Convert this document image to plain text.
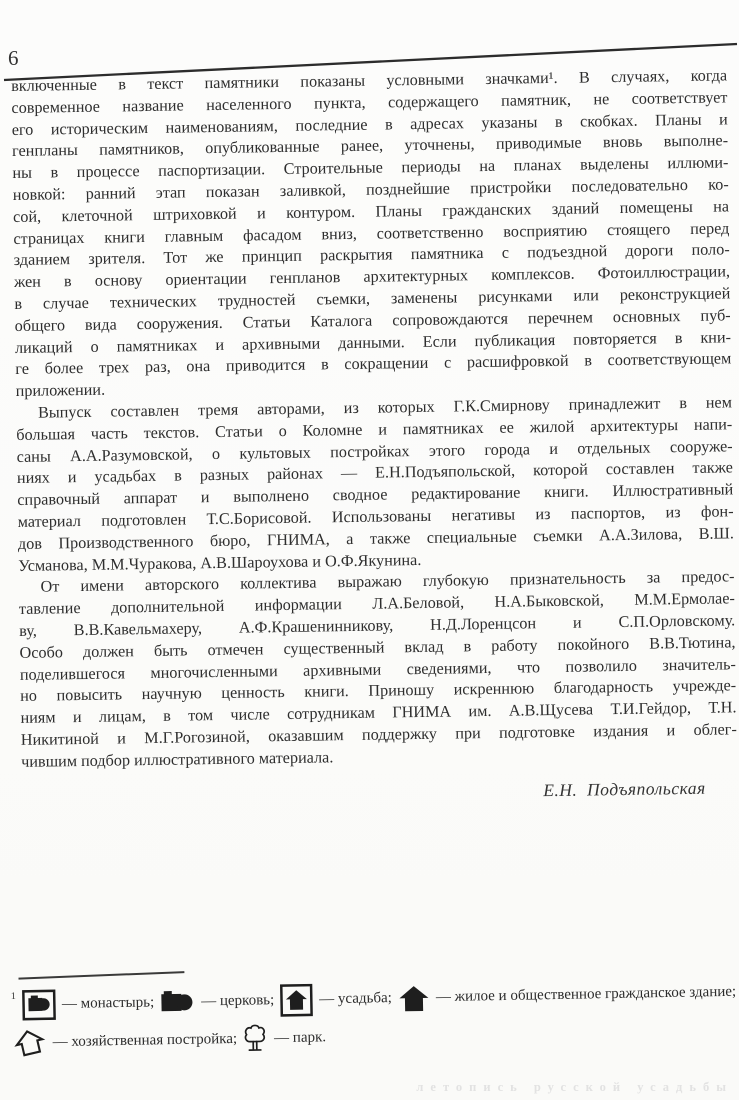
6
включенные в текст памятники показаны условными значками¹. В случаях, когда
современное название населенного пункта, содержащего памятник, не соответствует
его историческим наименованиям, последние в адресах указаны в скобках. Планы и
генпланы памятников, опубликованные ранее, уточнены, приводимые вновь выполне-
ны в процессе паспортизации. Строительные периоды на планах выделены иллюми-
новкой: ранний этап показан заливкой, позднейшие пристройки последовательно ко-
сой, клеточной штриховкой и контуром. Планы гражданских зданий помещены на
страницах книги главным фасадом вниз, соответственно восприятию стоящего перед
зданием зрителя. Тот же принцип раскрытия памятника с подъездной дороги поло-
жен в основу ориентации генпланов архитектурных комплексов. Фотоиллюстрации,
в случае технических трудностей съемки, заменены рисунками или реконструкцией
общего вида сооружения. Статьи Каталога сопровождаются перечнем основных пуб-
ликаций о памятниках и архивными данными. Если публикация повторяется в кни-
ге более трех раз, она приводится в сокращении с расшифровкой в соответствующем
приложении.
Выпуск составлен тремя авторами, из которых Г.К.Смирнову принадлежит в нем
большая часть текстов. Статьи о Коломне и памятниках ее жилой архитектуры напи-
саны А.А.Разумовской, о культовых постройках этого города и отдельных сооруже-
ниях и усадьбах в разных районах — Е.Н.Подъяпольской, которой составлен также
справочный аппарат и выполнено сводное редактирование книги. Иллюстративный
материал подготовлен Т.С.Борисовой. Использованы негативы из паспортов, из фон-
дов Производственного бюро, ГНИМА, а также специальные съемки А.А.Зилова, В.Ш.
Усманова, М.М.Чуракова, А.В.Шароухова и О.Ф.Якунина.
От имени авторского коллектива выражаю глубокую признательность за предос-
тавление дополнительной информации Л.А.Беловой, Н.А.Быковской, М.М.Ермолае-
ву, В.В.Кавельмахеру, А.Ф.Крашенинникову, Н.Д.Лоренцсон и С.П.Орловскому.
Особо должен быть отмечен существенный вклад в работу покойного В.В.Тютина,
поделившегося многочисленными архивными сведениями, что позволило значитель-
но повысить научную ценность книги. Приношу искреннюю благодарность учрежде-
ниям и лицам, в том числе сотрудникам ГНИМА им. А.В.Щусева Т.И.Гейдор, Т.Н.
Никитиной и М.Г.Рогозиной, оказавшим поддержку при подготовке издания и облег-
чившим подбор иллюстративного материала.
Е.Н.  Подъяпольская
1	— монастырь;	— церковь;	— усадьба;	— жилое и общественное гражданское здание;
— хозяйственная постройка; — парк.
летопись русской усадьбы
